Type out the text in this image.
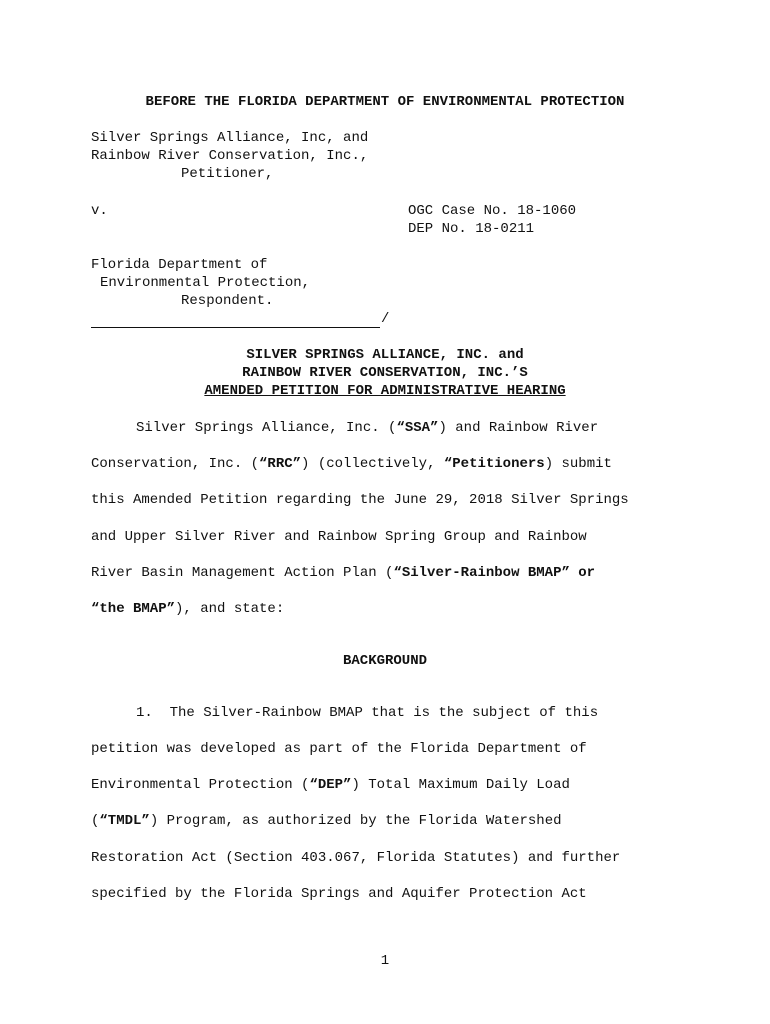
BEFORE THE FLORIDA DEPARTMENT OF ENVIRONMENTAL PROTECTION
Silver Springs Alliance, Inc, and
Rainbow River Conservation, Inc.,
Petitioner,
v.	OGC Case No. 18-1060
DEP No. 18-0211
Florida Department of
Environmental Protection,
Respondent.
/
SILVER SPRINGS ALLIANCE, INC. and
RAINBOW RIVER CONSERVATION, INC.’S
AMENDED PETITION FOR ADMINISTRATIVE HEARING
Silver Springs Alliance, Inc. (“SSA”) and Rainbow River
Conservation, Inc. (“RRC”) (collectively, “Petitioners) submit
this Amended Petition regarding the June 29, 2018 Silver Springs
and Upper Silver River and Rainbow Spring Group and Rainbow
River Basin Management Action Plan (“Silver-Rainbow BMAP” or
“the BMAP”), and state:
BACKGROUND
1. The Silver-Rainbow BMAP that is the subject of this
petition was developed as part of the Florida Department of
Environmental Protection (“DEP”) Total Maximum Daily Load
(“TMDL”) Program, as authorized by the Florida Watershed
Restoration Act (Section 403.067, Florida Statutes) and further
specified by the Florida Springs and Aquifer Protection Act
1
